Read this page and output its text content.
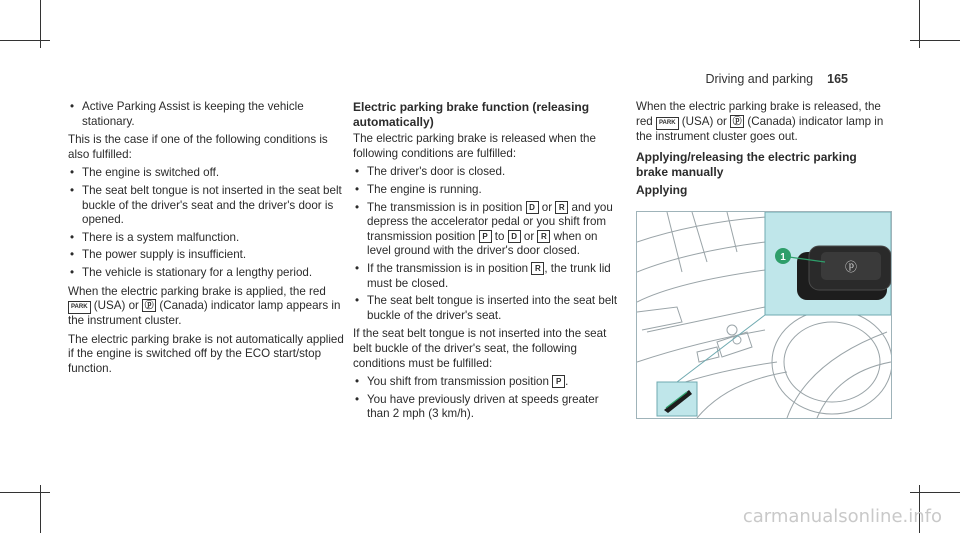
Driving and parking 165
• Active Parking Assist is keeping the vehicle stationary.

This is the case if one of the following conditions is also fulfilled:

• The engine is switched off.
• The seat belt tongue is not inserted in the seat belt buckle of the driver's seat and the driver's door is opened.
• There is a system malfunction.
• The power supply is insufficient.
• The vehicle is stationary for a lengthy period.

When the electric parking brake is applied, the red PARK (USA) or ⓟ (Canada) indicator lamp appears in the instrument cluster.

The electric parking brake is not automatically applied if the engine is switched off by the ECO start/stop function.

Electric parking brake function (releasing automatically)

The electric parking brake is released when the following conditions are fulfilled:

• The driver's door is closed.
• The engine is running.
• The transmission is in position D or R and you depress the accelerator pedal or you shift from transmission position P to D or R when on level ground with the driver's door closed.
• If the transmission is in position R , the trunk lid must be closed.
• The seat belt tongue is inserted into the seat belt buckle of the driver's seat.

If the seat belt tongue is not inserted into the seat belt buckle of the driver's seat, the following conditions must be fulfilled:

• You shift from transmission position P .
• You have previously driven at speeds greater than 2 mph (3 km/h).

When the electric parking brake is released, the red PARK (USA) or ⓟ (Canada) indicator lamp in the instrument cluster goes out.

Applying/releasing the electric parking brake manually
Applying
ⓟ
1
carmanualsonline.info
